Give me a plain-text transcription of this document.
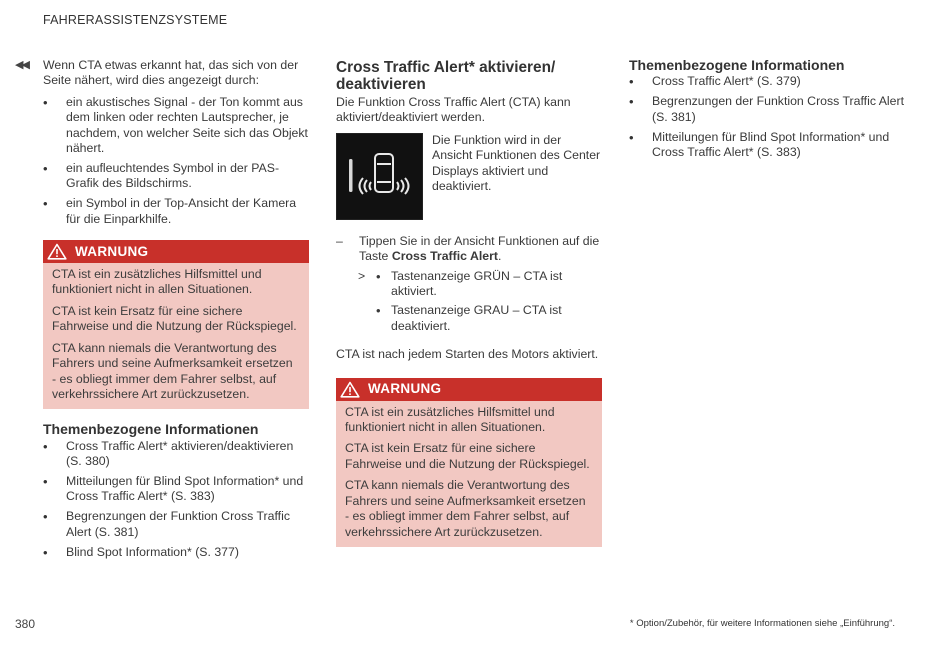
FAHRERASSISTENZSYSTEME
◀◀ Wenn CTA etwas erkannt hat, das sich von der Seite nähert, wird dies angezeigt durch:

• ein akustisches Signal - der Ton kommt aus dem linken oder rechten Lautsprecher, je nachdem, von welcher Seite sich das Objekt nähert.
• ein aufleuchtendes Symbol in der PAS-Grafik des Bildschirms.
• ein Symbol in der Top-Ansicht der Kamera für die Einparkhilfe.
WARNUNG

CTA ist ein zusätzliches Hilfsmittel und funktioniert nicht in allen Situationen.

CTA ist kein Ersatz für eine sichere Fahrweise und die Nutzung der Rückspiegel.

CTA kann niemals die Verantwortung des Fahrers und seine Aufmerksamkeit ersetzen - es obliegt immer dem Fahrer selbst, auf verkehrssichere Art zurückzusetzen.

Themenbezogene Informationen
• Cross Traffic Alert* aktivieren/deaktivieren (S. 380)
• Mitteilungen für Blind Spot Information* und Cross Traffic Alert* (S. 383)
• Begrenzungen der Funktion Cross Traffic Alert (S. 381)
• Blind Spot Information* (S. 377)
Cross Traffic Alert* aktivieren/ deaktivieren

Die Funktion Cross Traffic Alert (CTA) kann aktiviert/deaktiviert werden.

Die Funktion wird in der Ansicht Funktionen des Center Displays aktiviert und deaktiviert.

– Tippen Sie in der Ansicht Funktionen auf die Taste Cross Traffic Alert.
> • Tastenanzeige GRÜN – CTA ist aktiviert.
• Tastenanzeige GRAU – CTA ist deaktiviert.

CTA ist nach jedem Starten des Motors aktiviert.

WARNUNG

CTA ist ein zusätzliches Hilfsmittel und funktioniert nicht in allen Situationen.

CTA ist kein Ersatz für eine sichere Fahrweise und die Nutzung der Rückspiegel.

CTA kann niemals die Verantwortung des Fahrers und seine Aufmerksamkeit ersetzen - es obliegt immer dem Fahrer selbst, auf verkehrssichere Art zurückzusetzen.

Themenbezogene Informationen
• Cross Traffic Alert* (S. 379)
• Begrenzungen der Funktion Cross Traffic Alert (S. 381)
• Mitteilungen für Blind Spot Information* und Cross Traffic Alert* (S. 383)
380	* Option/Zubehör, für weitere Informationen siehe „Einführung“.
